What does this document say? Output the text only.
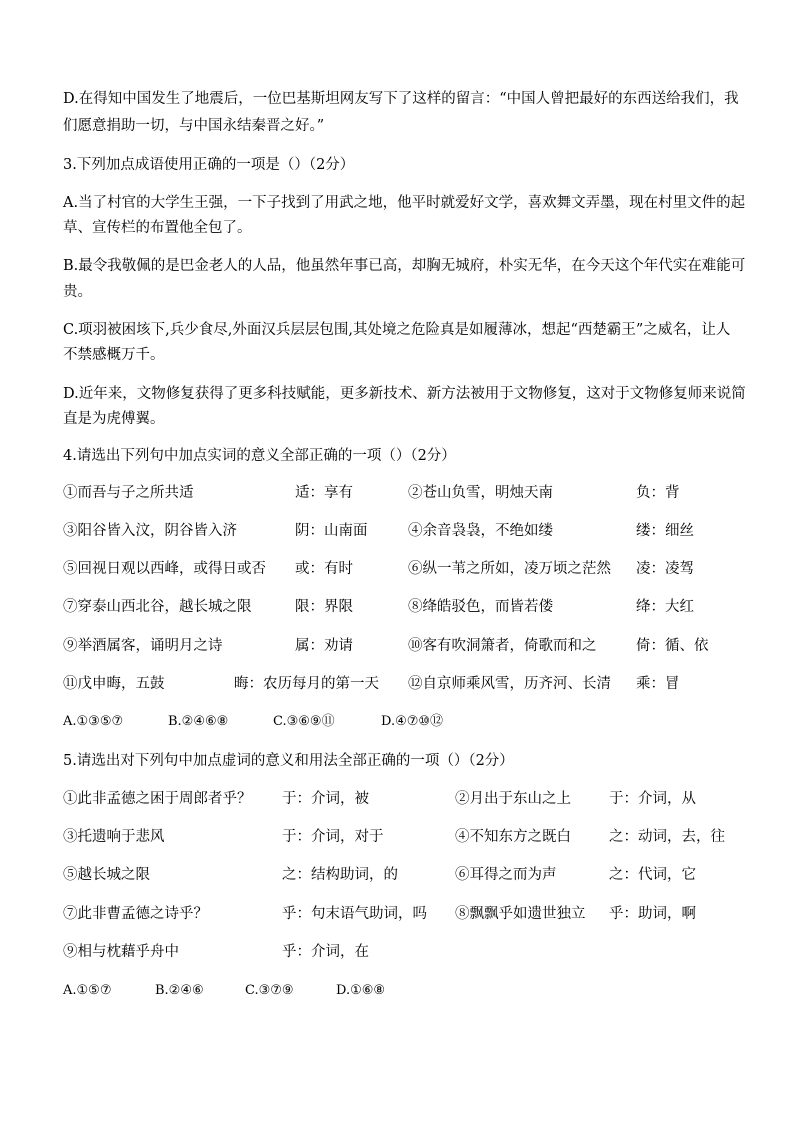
D.在得知中国发生了地震后，一位巴基斯坦网友写下了这样的留言：“中国人曾把最好的东西送给我们，我
们愿意捐助一切，与中国永结秦晋之好。”
3.下列加点成语使用正确的一项是（）（2分）
A.当了村官的大学生王强，一下子找到了用武之地，他平时就爱好文学，喜欢舞文弄墨，现在村里文件的起
草、宣传栏的布置他全包了。
B.最令我敬佩的是巴金老人的人品，他虽然年事已高，却胸无城府，朴实无华，在今天这个年代实在难能可
贵。
C.项羽被困垓下,兵少食尽,外面汉兵层层包围,其处境之危险真是如履薄冰，想起“西楚霸王”之威名，让人
不禁感概万千。
D.近年来，文物修复获得了更多科技赋能，更多新技术、新方法被用于文物修复，这对于文物修复师来说简
直是为虎傅翼。
4.请选出下列句中加点实词的意义全部正确的一项（）（2分）
①而吾与子之所共适	适：享有	②苍山负雪，明烛天南	负：背
③阳谷皆入汶，阴谷皆入济	阴：山南面	④余音袅袅，不绝如缕	缕：细丝
⑤回视日观以西峰，或得日或否 或：有时	⑥纵一苇之所如，凌万顷之茫然 凌：凌驾
⑦穿泰山西北谷，越长城之限	限：界限	⑧绛皓驳色，而皆若偻	绛：大红
⑨举酒属客，诵明月之诗	属：劝请	⑩客有吹洞箫者，倚歌而和之	倚：循、依
⑪戊申晦，五鼓	晦：农历每月的第一天 ⑫自京师乘风雪，历齐河、长清 乘：冒
A.①③⑤⑦	B.②④⑥⑧	C.③⑥⑨⑪	D.④⑦⑩⑫
5.请选出对下列句中加点虚词的意义和用法全部正确的一项（）（2分）
①此非孟德之困于周郎者乎？ 于：介词，被	②月出于东山之上	于：介词，从
③托遗响于悲风	于：介词，对于	④不知东方之既白	之：动词，去，往
⑤越长城之限	之：结构助词，的	⑥耳得之而为声	之：代词，它
⑦此非曹孟德之诗乎？	乎：句末语气助词，吗 ⑧飘飘乎如遗世独立 乎：助词，啊
⑨相与枕藉乎舟中	乎：介词，在
A.①⑤⑦	B.②④⑥	C.③⑦⑨	D.①⑥⑧
